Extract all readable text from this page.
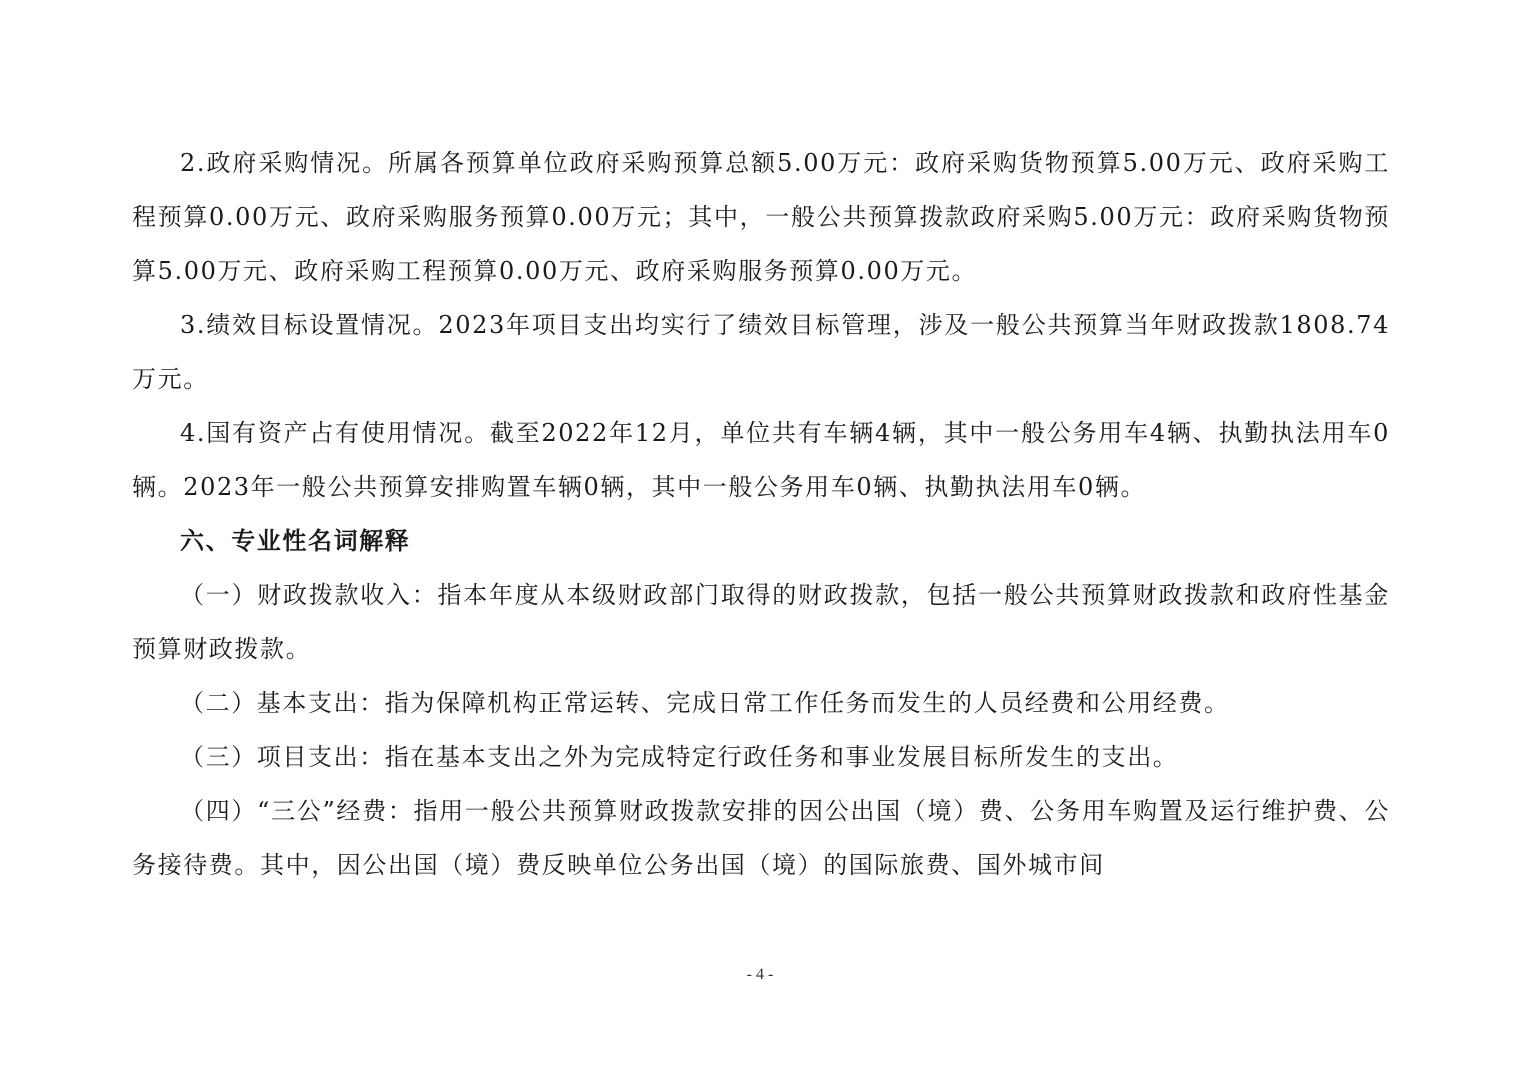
2.政府采购情况。所属各预算单位政府采购预算总额5.00万元：政府采购货物预算5.00万元、政府采购工程预算0.00万元、政府采购服务预算0.00万元；其中，一般公共预算拨款政府采购5.00万元：政府采购货物预算5.00万元、政府采购工程预算0.00万元、政府采购服务预算0.00万元。

3.绩效目标设置情况。2023年项目支出均实行了绩效目标管理，涉及一般公共预算当年财政拨款1808.74万元。

4.国有资产占有使用情况。截至2022年12月，单位共有车辆4辆，其中一般公务用车4辆、执勤执法用车0辆。2023年一般公共预算安排购置车辆0辆，其中一般公务用车0辆、执勤执法用车0辆。

六、专业性名词解释

（一）财政拨款收入：指本年度从本级财政部门取得的财政拨款，包括一般公共预算财政拨款和政府性基金预算财政拨款。

（二）基本支出：指为保障机构正常运转、完成日常工作任务而发生的人员经费和公用经费。

（三）项目支出：指在基本支出之外为完成特定行政任务和事业发展目标所发生的支出。

（四）“三公”经费：指用一般公共预算财政拨款安排的因公出国（境）费、公务用车购置及运行维护费、公务接待费。其中，因公出国（境）费反映单位公务出国（境）的国际旅费、国外城市间

- 4 -
